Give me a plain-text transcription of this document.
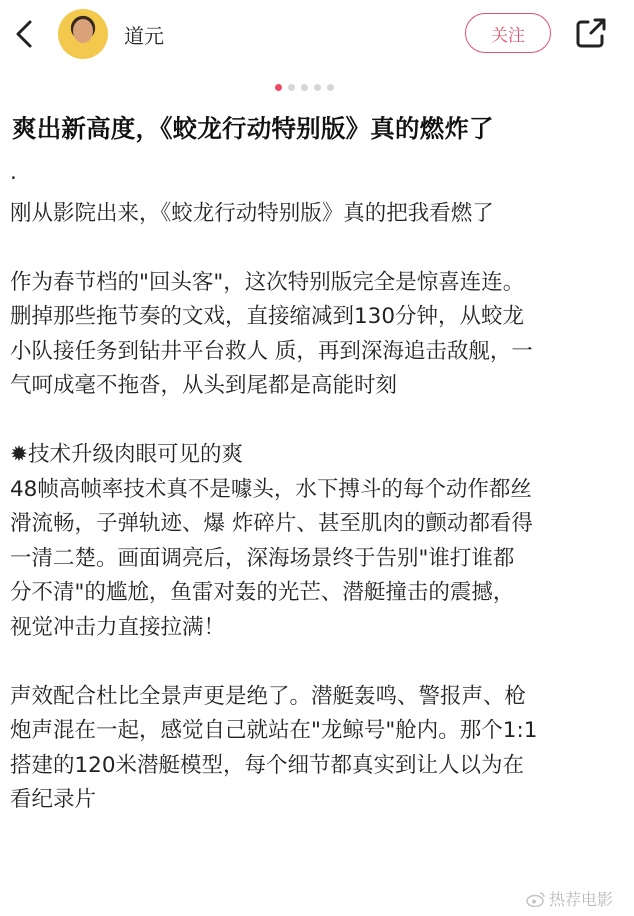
道元	关注
爽出新高度，《蛟龙行动特别版》真的燃炸了

·

刚从影院出来，《蛟龙行动特别版》真的把我看燃了

作为春节档的"回头客"，这次特别版完全是惊喜连连。

删掉那些拖节奏的文戏，直接缩减到130分钟，从蛟龙

小队接任务到钻井平台救人 质，再到深海追击敌舰，一

气呵成毫不拖沓，从头到尾都是高能时刻

✹技术升级肉眼可见的爽

48帧高帧率技术真不是噱头，水下搏斗的每个动作都丝

滑流畅，子弹轨迹、爆 炸碎片、甚至肌肉的颤动都看得

一清二楚。画面调亮后，深海场景终于告别"谁打谁都

分不清"的尴尬，鱼雷对轰的光芒、潜艇撞击的震撼，

视觉冲击力直接拉满！

声效配合杜比全景声更是绝了。潜艇轰鸣、警报声、枪

炮声混在一起，感觉自己就站在"龙鲸号"舱内。那个1:1

搭建的120米潜艇模型，每个细节都真实到让人以为在

看纪录片

热荐电影
